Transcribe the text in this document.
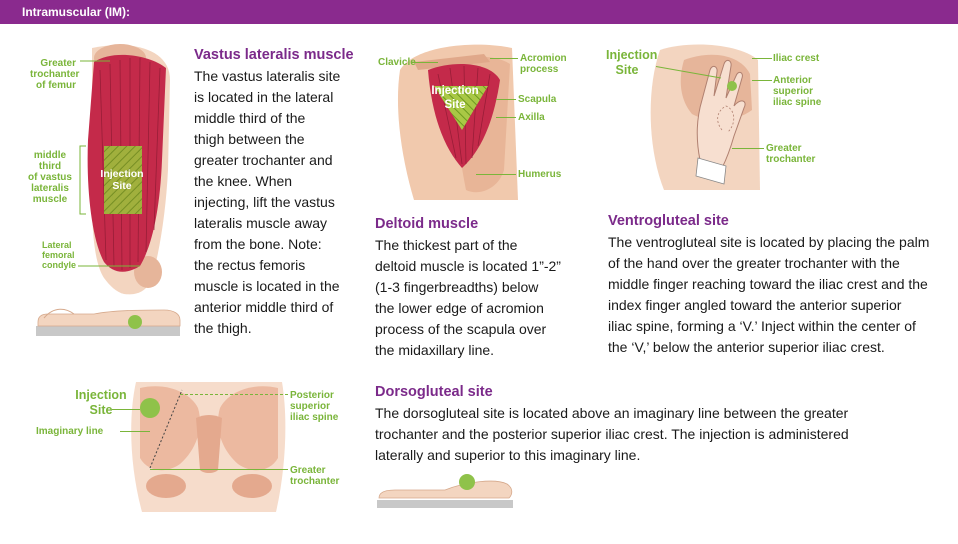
Intramuscular (IM):
Greater
trochanter
of femur
middle
third
of vastus
lateralis
muscle
Injection
Site
Lateral
femoral
condyle
Vastus lateralis muscle
The vastus lateralis site
is located in the lateral
middle third of the
thigh between the
greater trochanter and
the knee. When
injecting, lift the vastus
lateralis muscle away
from the bone. Note:
the rectus femoris
muscle is located in the
anterior middle third of
the thigh.
Clavicle
Injection
Site
Acromion
process
Scapula
Axilla
Humerus
Deltoid muscle
The thickest part of the
deltoid muscle is located 1”-2”
(1-3 fingerbreadths) below
the lower edge of acromion
process of the scapula over
the midaxillary line.
Injection
Site
Iliac crest
Anterior
superior
iliac spine
Greater
trochanter
Ventrogluteal site
The ventrogluteal site is located by placing the palm
of the hand over the greater trochanter with the
middle finger reaching toward the iliac crest and the
index finger angled toward the anterior superior
iliac spine, forming a ‘V.’ Inject within the center of
the ‘V,’ below the anterior superior iliac crest.
Injection
Site
Imaginary line
Posterior
superior
iliac spine
Greater
trochanter
Dorsogluteal site
The dorsogluteal site is located above an imaginary line between the greater
trochanter and the posterior superior iliac crest. The injection is administered
laterally and superior to this imaginary line.
